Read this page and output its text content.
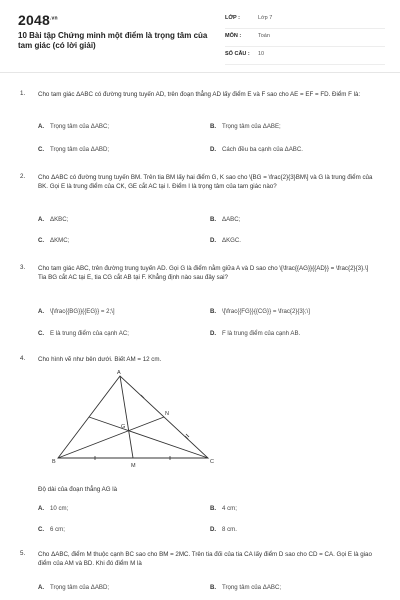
$2048^{.vn}$
10 Bài tập Chứng minh một điểm là trọng tâm của tam giác (có lời giải)
LỚP :	Lớp 7
MÔN :	Toán
SỐ CÂU : 10
1. Cho tam giác ΔABC có đường trung tuyến AD, trên đoạn thẳng AD lấy điểm E và F sao cho AE = EF = FD. Điểm F là:
A. Trọng tâm của ΔABC;	B. Trọng tâm của ΔABE;
C. Trọng tâm của ΔABD;	D. Cách đều ba cạnh của ΔABC.
2. Cho ΔABC có đường trung tuyến BM. Trên tia BM lấy hai điểm G, K sao cho \[BG = \frac{2}{3}BM\] và G là trung điểm của BK. Gọi E là trung điểm của CK, GE cắt AC tại I. Điểm I là trọng tâm của tam giác nào?
A. ΔKBC;	B. ΔABC;
C. ΔKMC;	D. ΔKGC.
3. Cho tam giác ABC, trên đường trung tuyến AD. Gọi G là điểm nằm giữa A và D sao cho \[\frac{{AG}}{{AD}} = \frac{2}{3}.\] Tia BG cắt AC tại E, tia CG cắt AB tại F. Khẳng định nào sau đây sai?
A. \[\frac{{BG}}{{EG}} = 2;\]	B. \[\frac{{FG}}{{CG}} = \frac{2}{3};\]
C. E là trung điểm của cạnh AC;	D. F là trung điểm của cạnh AB.
4. Cho hình vẽ như bên dưới. Biết AM = 12 cm.
A
B	C
G
M
N
Độ dài của đoạn thẳng AG là
A. 10 cm;	B. 4 cm;
C. 6 cm;	D. 8 cm.
5. Cho ΔABC, điểm M thuộc cạnh BC sao cho BM = 2MC. Trên tia đối của tia CA lấy điểm D sao cho CD = CA. Gọi E là giao điểm của AM và BD. Khi đó điểm M là
A. Trọng tâm của ΔABD;	B. Trọng tâm của ΔABC;
